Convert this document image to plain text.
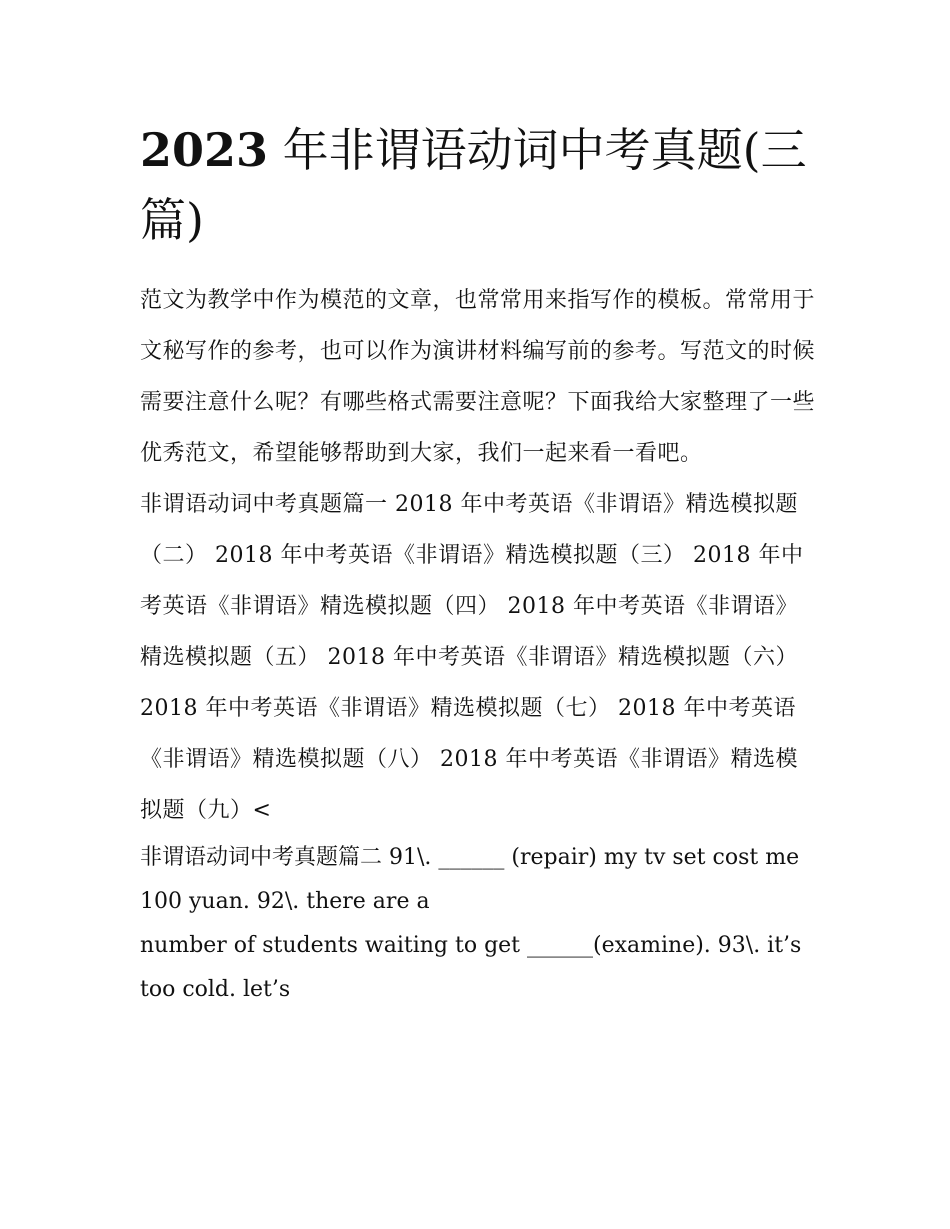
2023 年非谓语动词中考真题(三篇)

范文为教学中作为模范的文章，也常常用来指写作的模板。常常用于文秘写作的参考，也可以作为演讲材料编写前的参考。写范文的时候需要注意什么呢？有哪些格式需要注意呢？下面我给大家整理了一些优秀范文，希望能够帮助到大家，我们一起来看一看吧。

非谓语动词中考真题篇一 2018 年中考英语《非谓语》精选模拟题（二） 2018 年中考英语《非谓语》精选模拟题（三） 2018 年中考英语《非谓语》精选模拟题（四） 2018 年中考英语《非谓语》精选模拟题（五） 2018 年中考英语《非谓语》精选模拟题（六）

2018 年中考英语《非谓语》精选模拟题（七） 2018 年中考英语《非谓语》精选模拟题（八） 2018 年中考英语《非谓语》精选模拟题（九）<

非谓语动词中考真题篇二 91\. ______ (repair) my tv set cost me 100 yuan. 92\. there are a

number of students waiting to get ______(examine). 93\. it’s too cold. let’s
